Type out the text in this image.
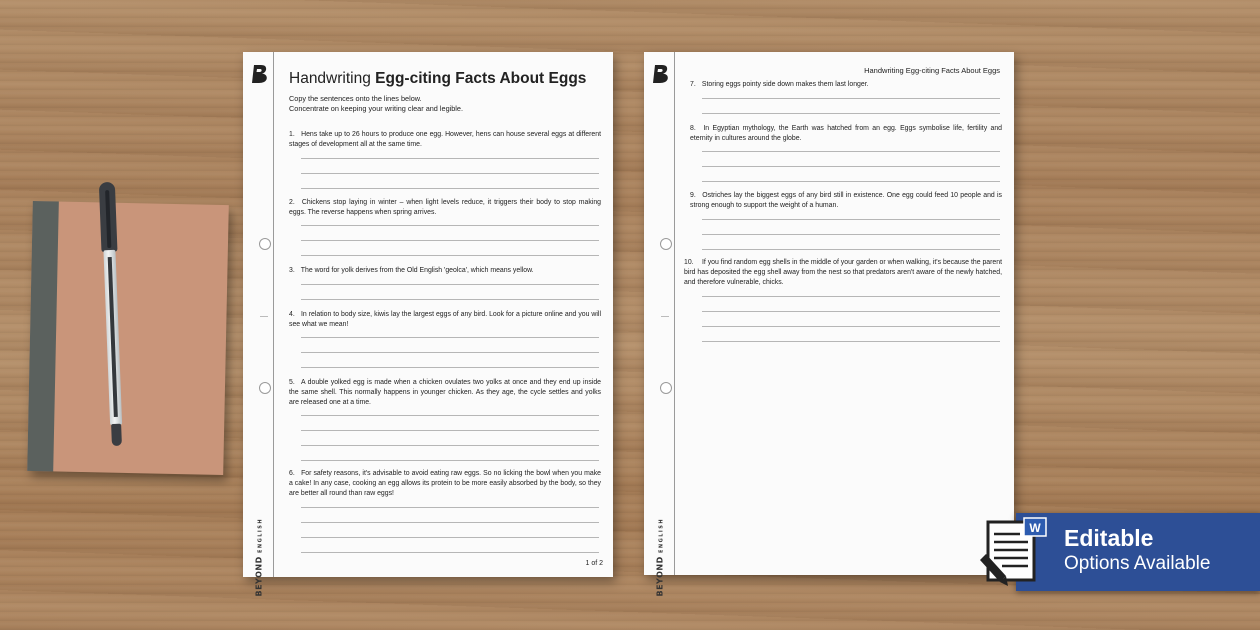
BEYOND ENGLISH
Handwriting Egg-citing Facts About Eggs
Copy the sentences onto the lines below.
Concentrate on keeping your writing clear and legible.
1. Hens take up to 26 hours to produce one egg. However, hens can house several eggs at different stages of development all at the same time.
2. Chickens stop laying in winter – when light levels reduce, it triggers their body to stop making eggs. The reverse happens when spring arrives.
3. The word for yolk derives from the Old English 'geolca', which means yellow.
4. In relation to body size, kiwis lay the largest eggs of any bird. Look for a picture online and you will see what we mean!
5. A double yolked egg is made when a chicken ovulates two yolks at once and they end up inside the same shell. This normally happens in younger chicken. As they age, the cycle settles and yolks are released one at a time.
6. For safety reasons, it's advisable to avoid eating raw eggs. So no licking the bowl when you make a cake! In any case, cooking an egg allows its protein to be more easily absorbed by the body, so they are better all round than raw eggs!
1 of 2	BEYOND ENGLISH
Handwriting Egg-citing Facts About Eggs
7. Storing eggs pointy side down makes them last longer.
8. In Egyptian mythology, the Earth was hatched from an egg. Eggs symbolise life, fertility and eternity in cultures around the globe.
9. Ostriches lay the biggest eggs of any bird still in existence. One egg could feed 10 people and is strong enough to support the weight of a human.
10. If you find random egg shells in the middle of your garden or when walking, it's because the parent bird has deposited the egg shell away from the nest so that predators aren't aware of the newly hatched, and therefore vulnerable, chicks.
Editable
Options Available
W
